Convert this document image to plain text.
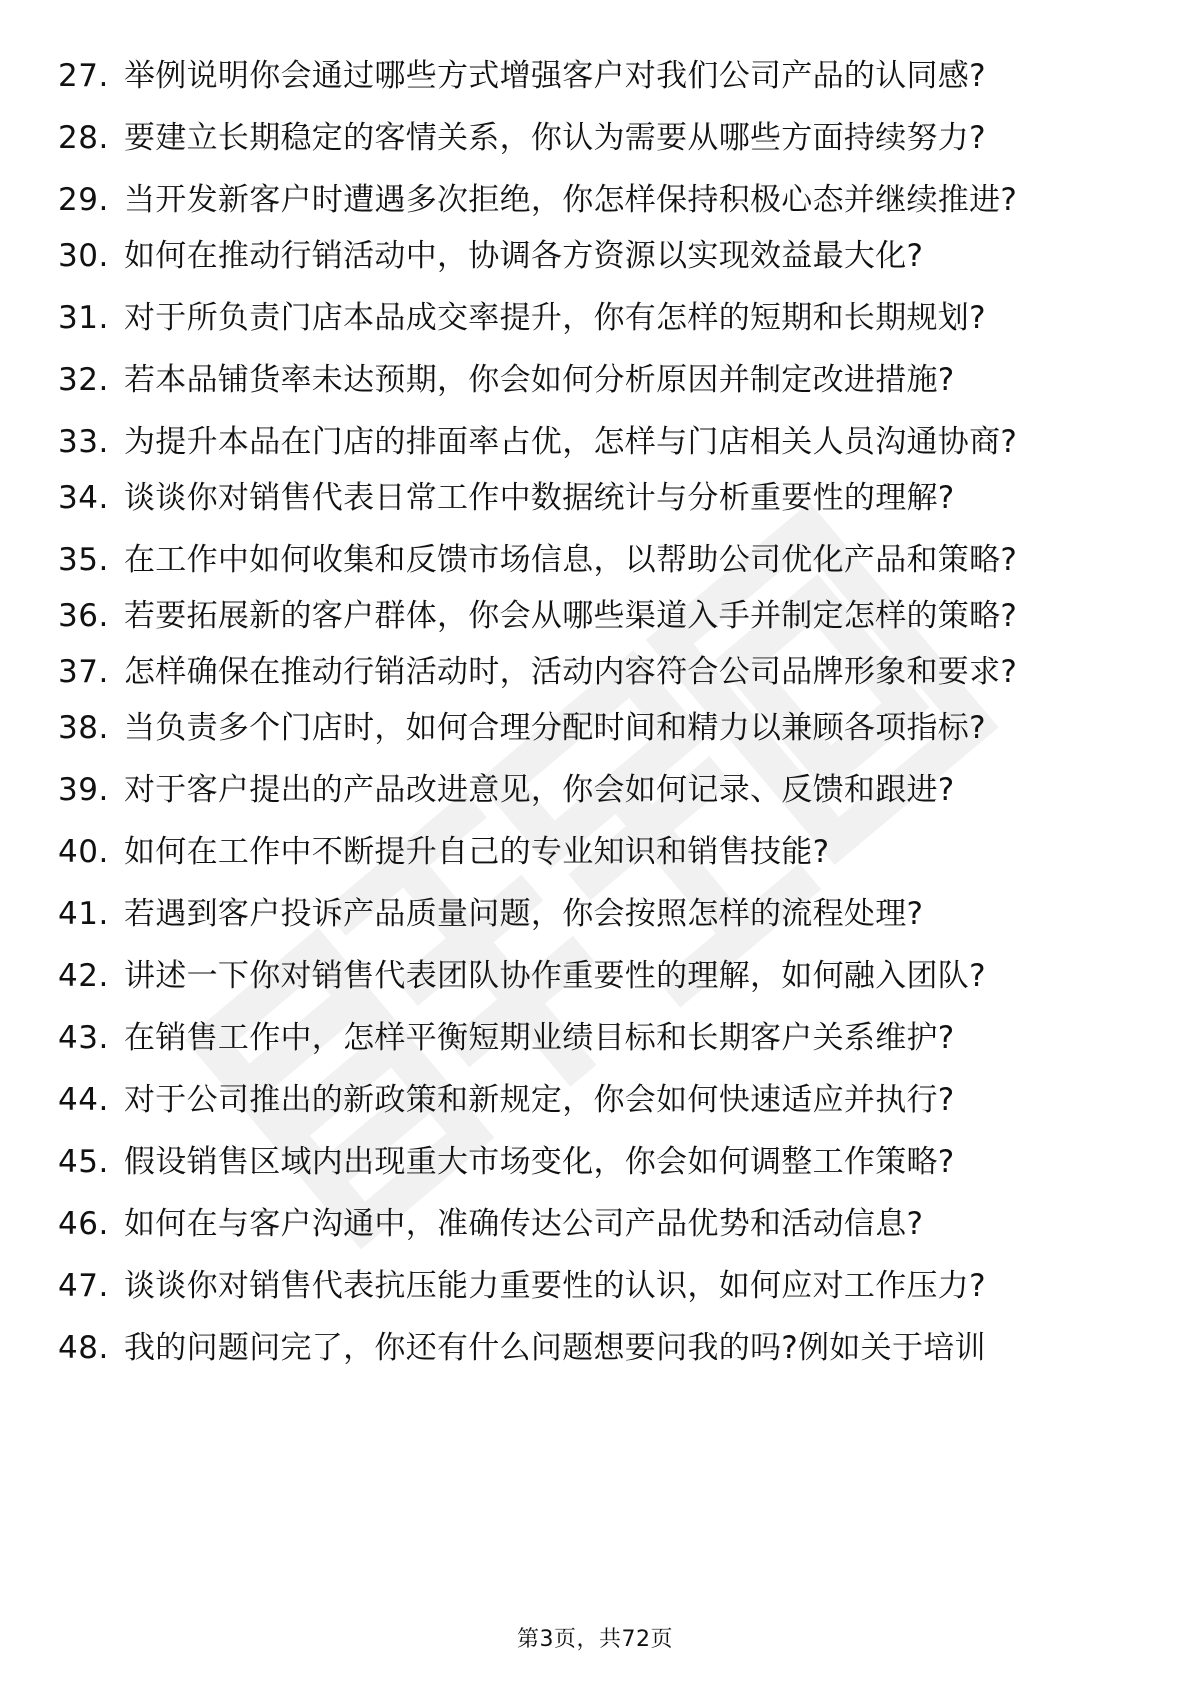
27. 举例说明你会通过哪些方式增强客户对我们公司产品的认同感?
28. 要建立长期稳定的客情关系，你认为需要从哪些方面持续努力?
29. 当开发新客户时遭遇多次拒绝，你怎样保持积极心态并继续推进?
30. 如何在推动行销活动中，协调各方资源以实现效益最大化?
31. 对于所负责门店本品成交率提升，你有怎样的短期和长期规划?
32. 若本品铺货率未达预期，你会如何分析原因并制定改进措施?
33. 为提升本品在门店的排面率占优，怎样与门店相关人员沟通协商?
34. 谈谈你对销售代表日常工作中数据统计与分析重要性的理解?
35. 在工作中如何收集和反馈市场信息，以帮助公司优化产品和策略?
36. 若要拓展新的客户群体，你会从哪些渠道入手并制定怎样的策略?
37. 怎样确保在推动行销活动时，活动内容符合公司品牌形象和要求?
38. 当负责多个门店时，如何合理分配时间和精力以兼顾各项指标?
39. 对于客户提出的产品改进意见，你会如何记录、反馈和跟进?
40. 如何在工作中不断提升自己的专业知识和销售技能?
41. 若遇到客户投诉产品质量问题，你会按照怎样的流程处理?
42. 讲述一下你对销售代表团队协作重要性的理解，如何融入团队?
43. 在销售工作中，怎样平衡短期业绩目标和长期客户关系维护?
44. 对于公司推出的新政策和新规定，你会如何快速适应并执行?
45. 假设销售区域内出现重大市场变化，你会如何调整工作策略?
46. 如何在与客户沟通中，准确传达公司产品优势和活动信息?
47. 谈谈你对销售代表抗压能力重要性的认识，如何应对工作压力?
48. 我的问题问完了，你还有什么问题想要问我的吗?例如关于培训
第3页，共72页
